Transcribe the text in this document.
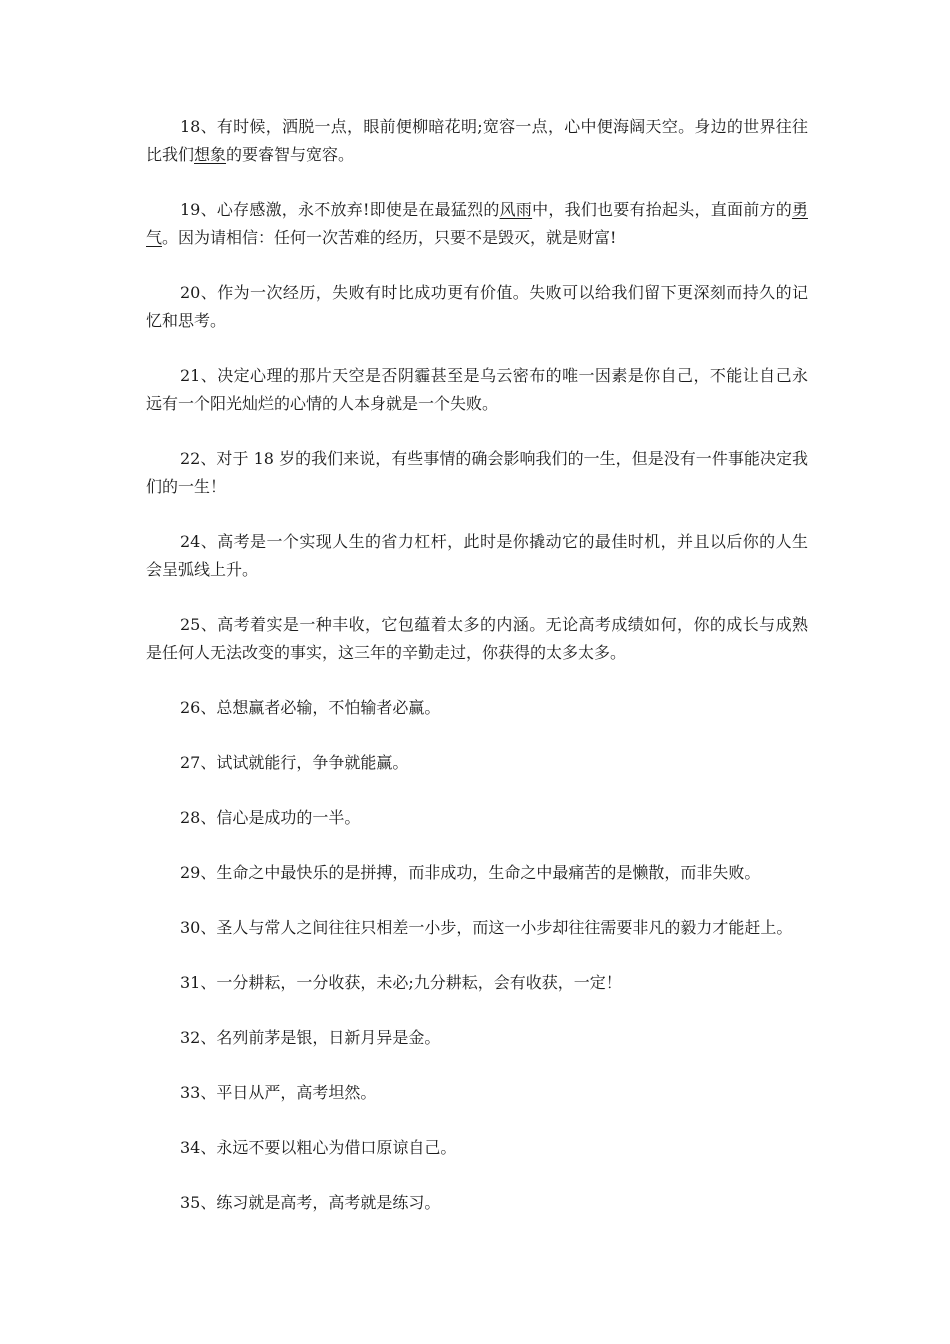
18、有时候，洒脱一点，眼前便柳暗花明;宽容一点，心中便海阔天空。身边的世界往往比我们想象的要睿智与宽容。

19、心存感激，永不放弃!即使是在最猛烈的风雨中，我们也要有抬起头，直面前方的勇气。因为请相信：任何一次苦难的经历，只要不是毁灭，就是财富!

20、作为一次经历，失败有时比成功更有价值。失败可以给我们留下更深刻而持久的记忆和思考。

21、决定心理的那片天空是否阴霾甚至是乌云密布的唯一因素是你自己，不能让自己永远有一个阳光灿烂的心情的人本身就是一个失败。

22、对于 18 岁的我们来说，有些事情的确会影响我们的一生，但是没有一件事能决定我们的一生！

24、高考是一个实现人生的省力杠杆，此时是你撬动它的最佳时机，并且以后你的人生会呈弧线上升。

25、高考着实是一种丰收，它包蕴着太多的内涵。无论高考成绩如何，你的成长与成熟是任何人无法改变的事实，这三年的辛勤走过，你获得的太多太多。

26、总想赢者必输，不怕输者必赢。

27、试试就能行，争争就能赢。

28、信心是成功的一半。

29、生命之中最快乐的是拼搏，而非成功，生命之中最痛苦的是懒散，而非失败。

30、圣人与常人之间往往只相差一小步，而这一小步却往往需要非凡的毅力才能赶上。

31、一分耕耘，一分收获，未必;九分耕耘，会有收获，一定！

32、名列前茅是银，日新月异是金。

33、平日从严，高考坦然。

34、永远不要以粗心为借口原谅自己。

35、练习就是高考，高考就是练习。
